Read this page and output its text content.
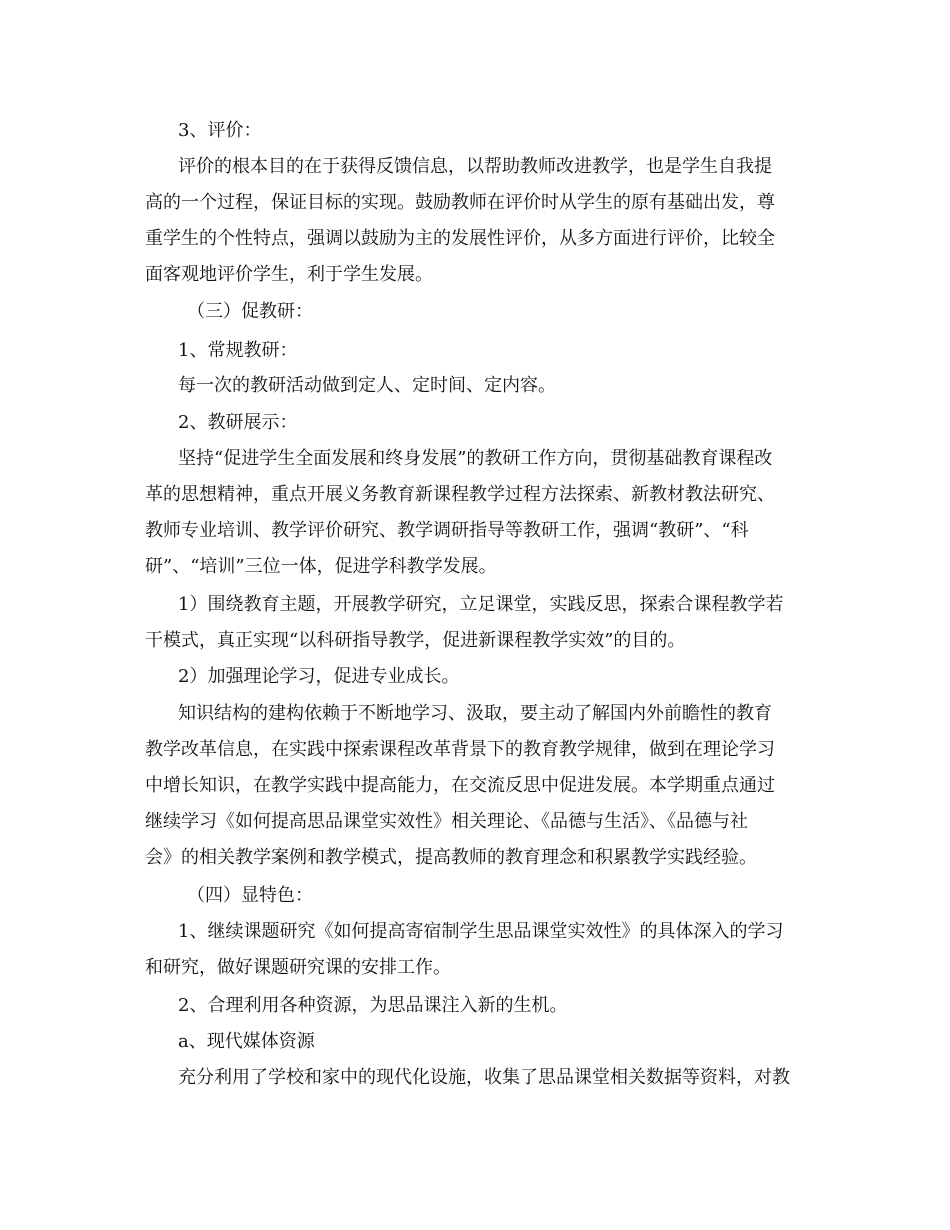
3、评价：
评价的根本目的在于获得反馈信息，以帮助教师改进教学，也是学生自我提
高的一个过程，保证目标的实现。鼓励教师在评价时从学生的原有基础出发，尊
重学生的个性特点，强调以鼓励为主的发展性评价，从多方面进行评价，比较全
面客观地评价学生，利于学生发展。
（三）促教研：
1、常规教研：
每一次的教研活动做到定人、定时间、定内容。
2、教研展示：
坚持“促进学生全面发展和终身发展”的教研工作方向，贯彻基础教育课程改
革的思想精神，重点开展义务教育新课程教学过程方法探索、新教材教法研究、
教师专业培训、教学评价研究、教学调研指导等教研工作，强调“教研”、“科
研”、“培训”三位一体，促进学科教学发展。
1）围绕教育主题，开展教学研究，立足课堂，实践反思，探索合课程教学若
干模式，真正实现“以科研指导教学，促进新课程教学实效”的目的。
2）加强理论学习，促进专业成长。
知识结构的建构依赖于不断地学习、汲取，要主动了解国内外前瞻性的教育
教学改革信息，在实践中探索课程改革背景下的教育教学规律，做到在理论学习
中增长知识，在教学实践中提高能力，在交流反思中促进发展。本学期重点通过
继续学习《如何提高思品课堂实效性》相关理论、《品德与生活》、《品德与社
会》的相关教学案例和教学模式，提高教师的教育理念和积累教学实践经验。
（四）显特色：
1、继续课题研究《如何提高寄宿制学生思品课堂实效性》的具体深入的学习
和研究，做好课题研究课的安排工作。
2、合理利用各种资源，为思品课注入新的生机。
a、现代媒体资源
充分利用了学校和家中的现代化设施，收集了思品课堂相关数据等资料，对教
